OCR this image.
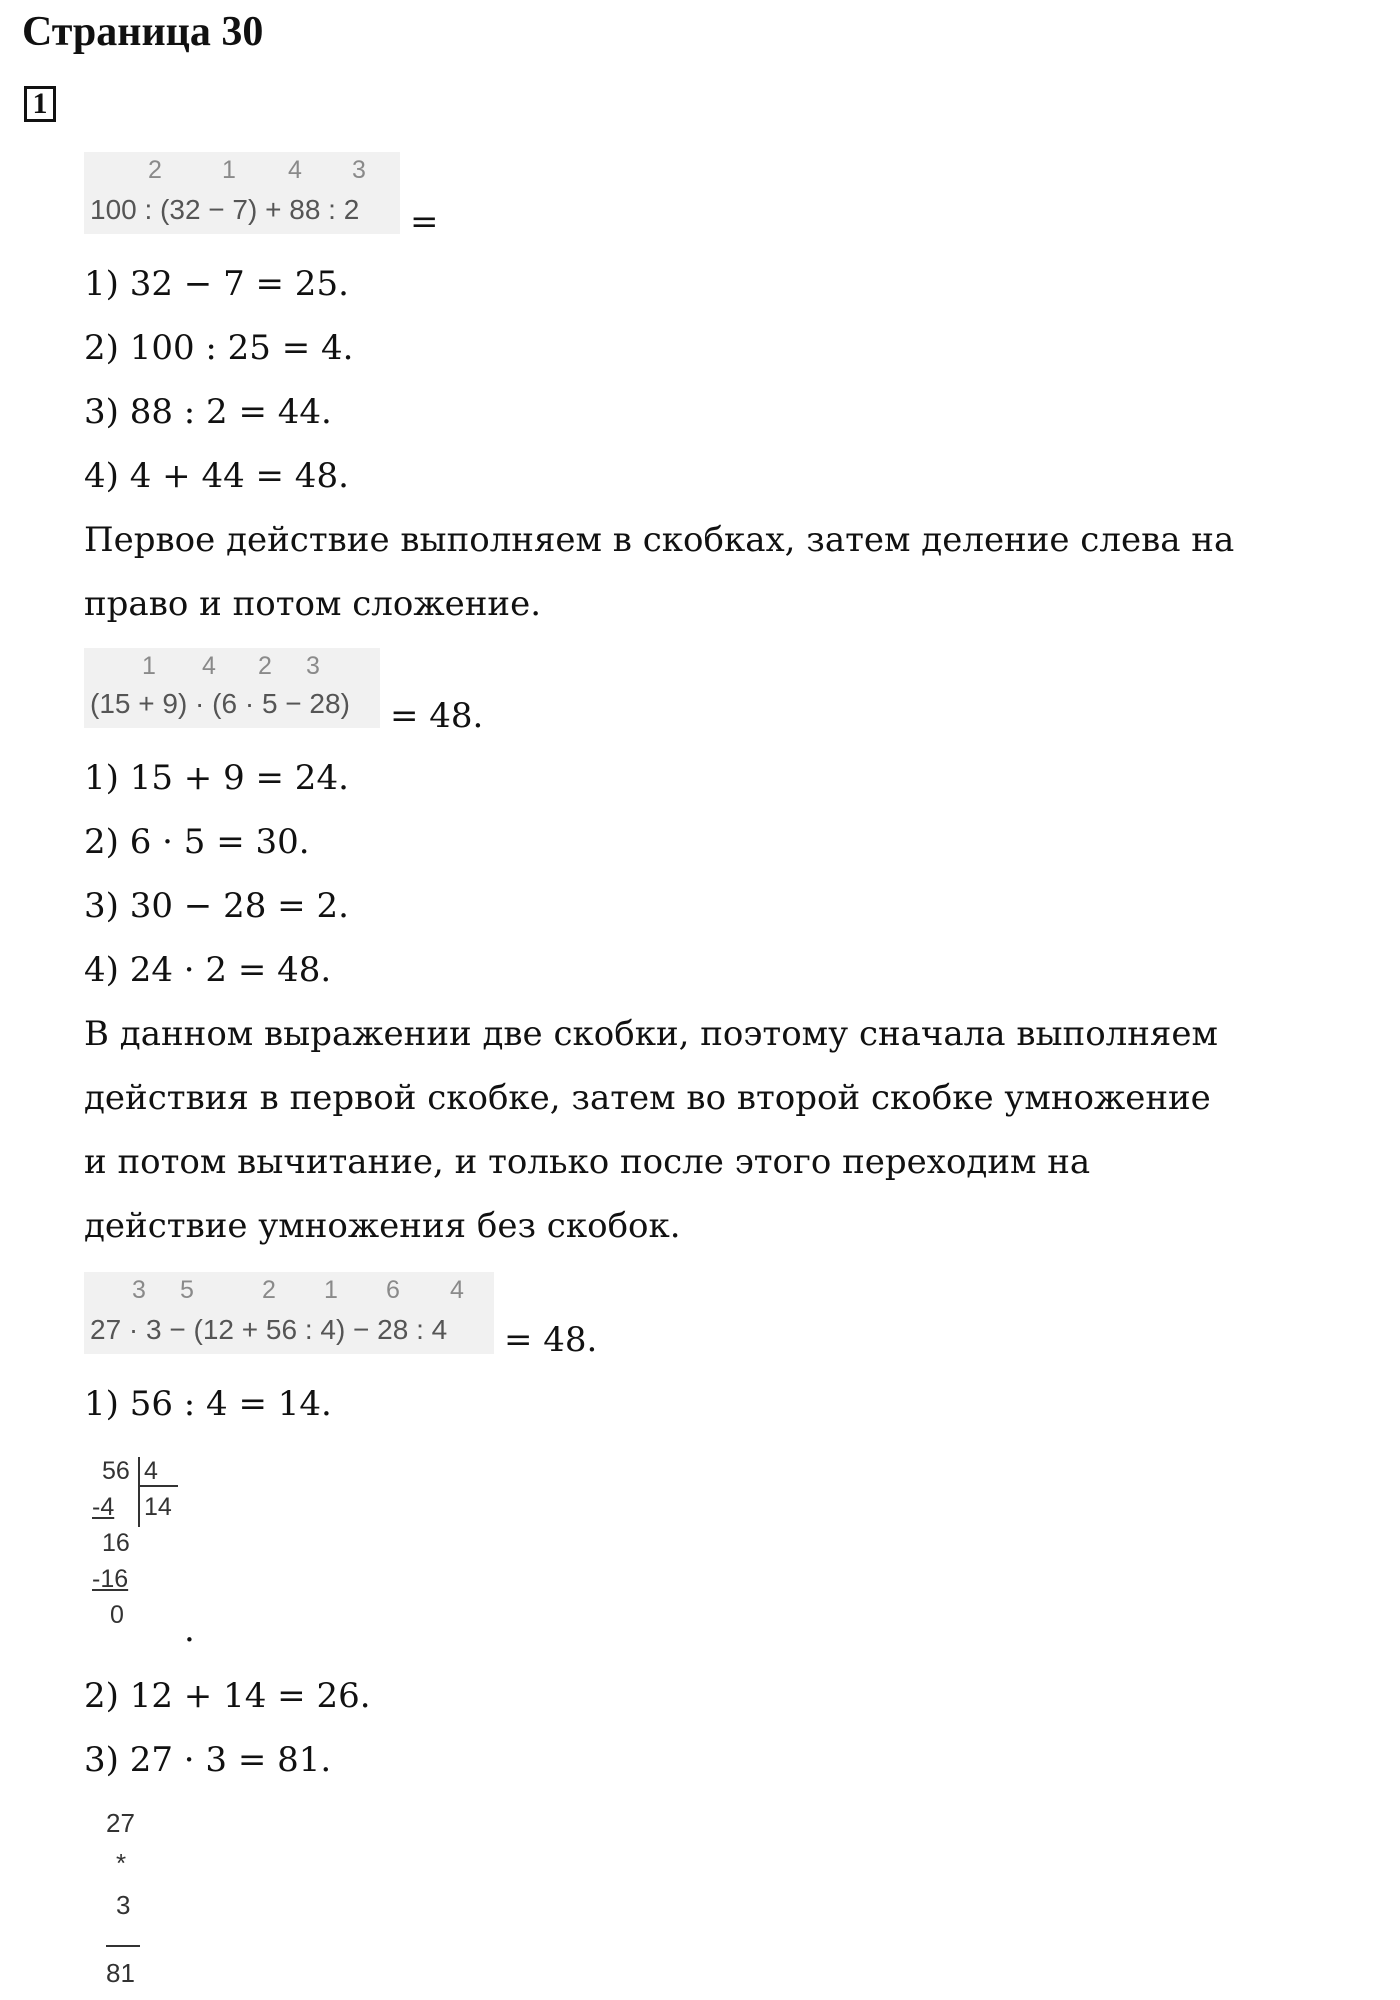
Страница 30
1
2 1 4 3
100 : (32 − 7) + 88 : 2 =
1) 32 − 7 = 25.
2) 100 : 25 = 4.
3) 88 : 2 = 44.
4) 4 + 44 = 48.
Первое действие выполняем в скобках, затем деление слева на
право и потом сложение.
1 4 2 3
(15 + 9) · (6 · 5 − 28) = 48.
1) 15 + 9 = 24.
2) 6 · 5 = 30.
3) 30 − 28 = 2.
4) 24 · 2 = 48.
В данном выражении две скобки, поэтому сначала выполняем
действия в первой скобке, затем во второй скобке умножение
и потом вычитание, и только после этого переходим на
действие умножения без скобок.
3 5	2 1 6 4
27 · 3 − (12 + 56 : 4) − 28 : 4 = 48.
1) 56 : 4 = 14.
56 4
-4 14
16
-16
0 .
2) 12 + 14 = 26.
3) 27 · 3 = 81.
27
*
3
81
